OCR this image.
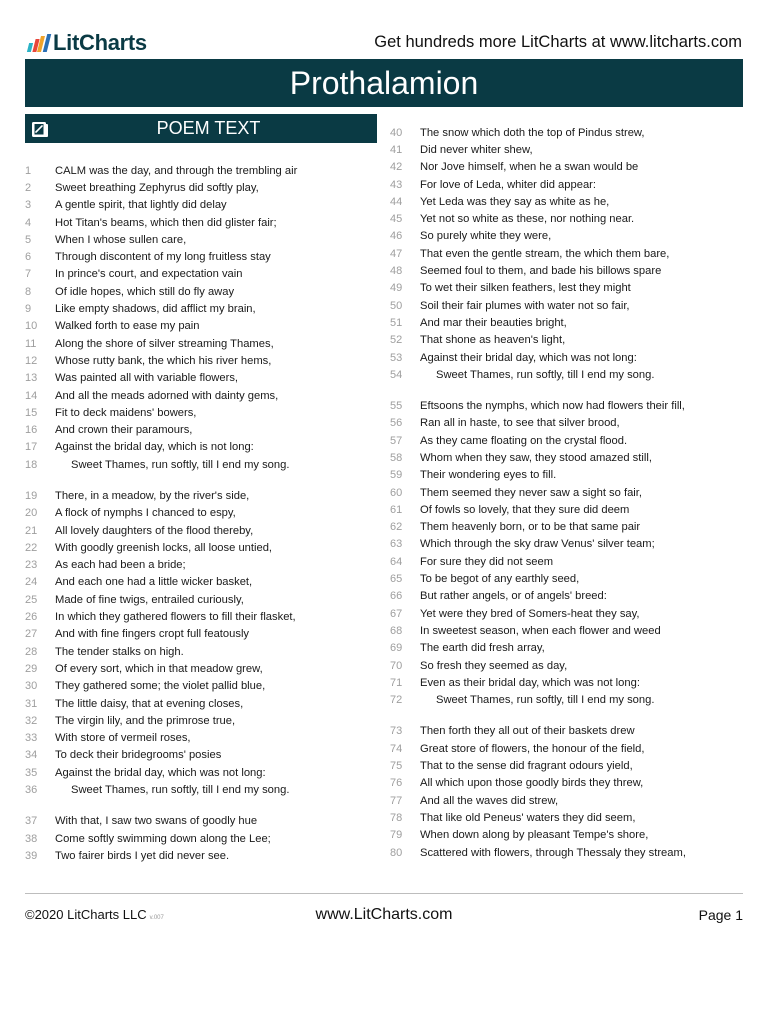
LitCharts	Get hundreds more LitCharts at www.litcharts.com
Prothalamion
POEM TEXT
1	CALM was the day, and through the trembling air
2	Sweet breathing Zephyrus did softly play,
3	A gentle spirit, that lightly did delay
4	Hot Titan's beams, which then did glister fair;
5	When I whose sullen care,
6	Through discontent of my long fruitless stay
7	In prince's court, and expectation vain
8	Of idle hopes, which still do fly away
9	Like empty shadows, did afflict my brain,
10	Walked forth to ease my pain
11	Along the shore of silver streaming Thames,
12	Whose rutty bank, the which his river hems,
13	Was painted all with variable flowers,
14	And all the meads adorned with dainty gems,
15	Fit to deck maidens' bowers,
16	And crown their paramours,
17	Against the bridal day, which is not long:
18	Sweet Thames, run softly, till I end my song.
19	There, in a meadow, by the river's side,
20	A flock of nymphs I chanced to espy,
21	All lovely daughters of the flood thereby,
22	With goodly greenish locks, all loose untied,
23	As each had been a bride;
24	And each one had a little wicker basket,
25	Made of fine twigs, entrailed curiously,
26	In which they gathered flowers to fill their flasket,
27	And with fine fingers cropt full featously
28	The tender stalks on high.
29	Of every sort, which in that meadow grew,
30	They gathered some; the violet pallid blue,
31	The little daisy, that at evening closes,
32	The virgin lily, and the primrose true,
33	With store of vermeil roses,
34	To deck their bridegrooms' posies
35	Against the bridal day, which was not long:
36	Sweet Thames, run softly, till I end my song.
37	With that, I saw two swans of goodly hue
38	Come softly swimming down along the Lee;
39	Two fairer birds I yet did never see.
40	The snow which doth the top of Pindus strew,
41	Did never whiter shew,
42	Nor Jove himself, when he a swan would be
43	For love of Leda, whiter did appear:
44	Yet Leda was they say as white as he,
45	Yet not so white as these, nor nothing near.
46	So purely white they were,
47	That even the gentle stream, the which them bare,
48	Seemed foul to them, and bade his billows spare
49	To wet their silken feathers, lest they might
50	Soil their fair plumes with water not so fair,
51	And mar their beauties bright,
52	That shone as heaven's light,
53	Against their bridal day, which was not long:
54	Sweet Thames, run softly, till I end my song.
55	Eftsoons the nymphs, which now had flowers their fill,
56	Ran all in haste, to see that silver brood,
57	As they came floating on the crystal flood.
58	Whom when they saw, they stood amazed still,
59	Their wondering eyes to fill.
60	Them seemed they never saw a sight so fair,
61	Of fowls so lovely, that they sure did deem
62	Them heavenly born, or to be that same pair
63	Which through the sky draw Venus' silver team;
64	For sure they did not seem
65	To be begot of any earthly seed,
66	But rather angels, or of angels' breed:
67	Yet were they bred of Somers-heat they say,
68	In sweetest season, when each flower and weed
69	The earth did fresh array,
70	So fresh they seemed as day,
71	Even as their bridal day, which was not long:
72	Sweet Thames, run softly, till I end my song.
73	Then forth they all out of their baskets drew
74	Great store of flowers, the honour of the field,
75	That to the sense did fragrant odours yield,
76	All which upon those goodly birds they threw,
77	And all the waves did strew,
78	That like old Peneus' waters they did seem,
79	When down along by pleasant Tempe's shore,
80	Scattered with flowers, through Thessaly they stream,
©2020 LitCharts LLC v.007	www.LitCharts.com	Page 1
